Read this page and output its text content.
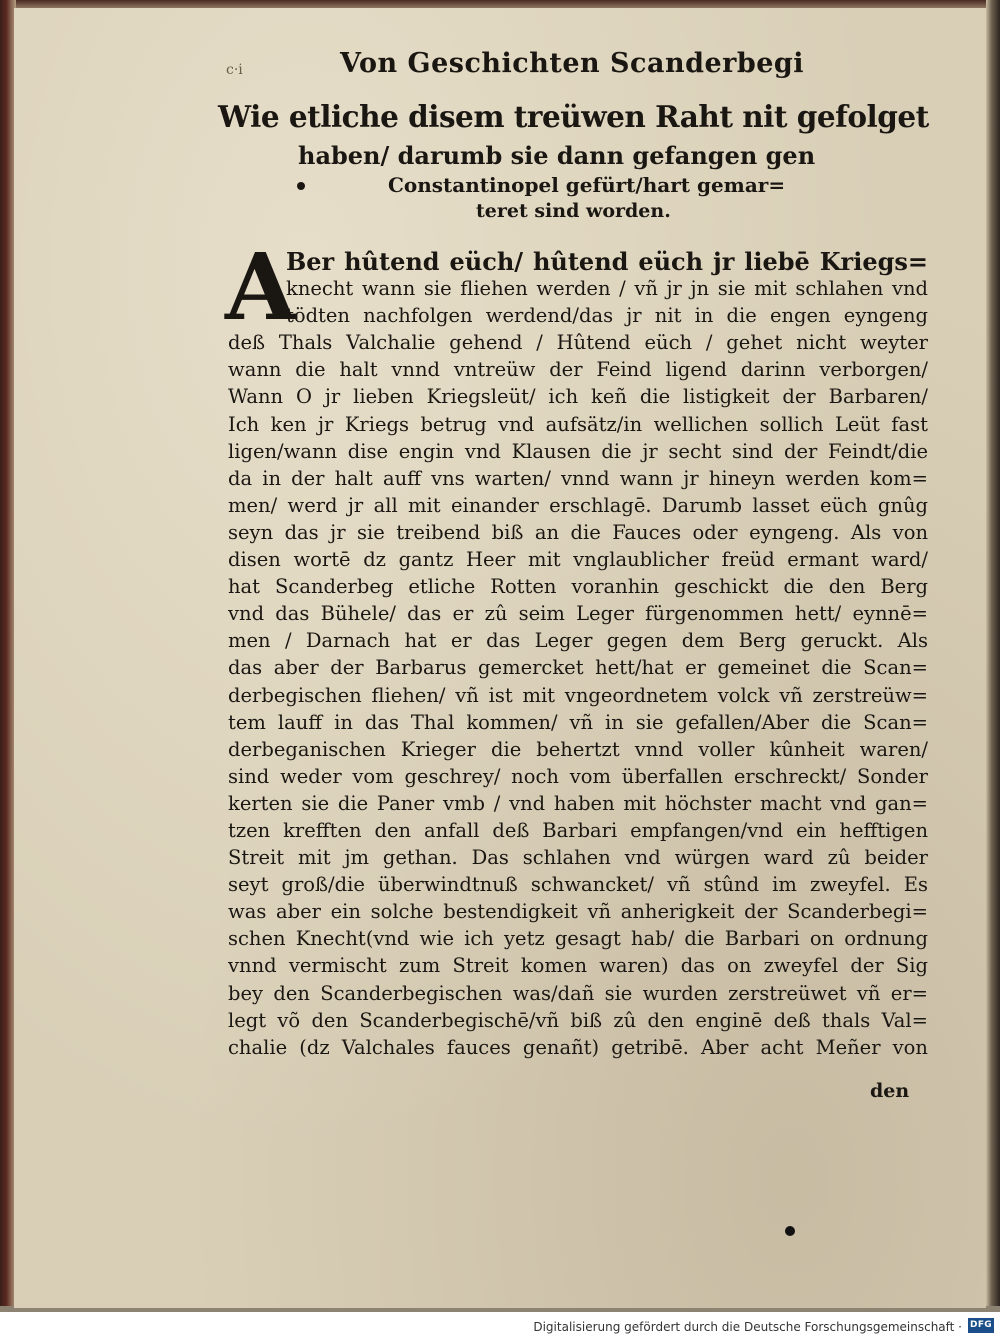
c·i	Von Geschichten Scanderbegi
Wie etliche disem treüwen Raht nit gefolget
haben/ darumb sie dann gefangen gen
Constantinopel gefürt/hart gemar=
teret sind worden.
A
Ber hûtend eüch/ hûtend eüch jr liebē Kriegs=
knecht wann sie fliehen werden / vñ jr jn sie mit schlahen vnd
tödten nachfolgen werdend/das jr nit in die engen eyngeng
deß Thals Valchalie gehend / Hûtend eüch / gehet nicht weyter
wann die halt vnnd vntreüw der Feind ligend darinn verborgen/
Wann O jr lieben Kriegsleüt/ ich keñ die listigkeit der Barbaren/
Ich ken jr Kriegs betrug vnd aufsätz/in wellichen sollich Leüt fast
ligen/wann dise engin vnd Klausen die jr secht sind der Feindt/die
da in der halt auff vns warten/ vnnd wann jr hineyn werden kom=
men/ werd jr all mit einander erschlagē. Darumb lasset eüch gnûg
seyn das jr sie treibend biß an die Fauces oder eyngeng. Als von
disen wortē dz gantz Heer mit vnglaublicher freüd ermant ward/
hat Scanderbeg etliche Rotten voranhin geschickt die den Berg
vnd das Bühele/ das er zû seim Leger fürgenommen hett/ eynnē=
men / Darnach hat er das Leger gegen dem Berg geruckt. Als
das aber der Barbarus gemercket hett/hat er gemeinet die Scan=
derbegischen fliehen/ vñ ist mit vngeordnetem volck vñ zerstreüw=
tem lauff in das Thal kommen/ vñ in sie gefallen/Aber die Scan=
derbeganischen Krieger die behertzt vnnd voller kûnheit waren/
sind weder vom geschrey/ noch vom überfallen erschreckt/ Sonder
kerten sie die Paner vmb / vnd haben mit höchster macht vnd gan=
tzen krefften den anfall deß Barbari empfangen/vnd ein hefftigen
Streit mit jm gethan. Das schlahen vnd würgen ward zû beider
seyt groß/die überwindtnuß schwancket/ vñ stûnd im zweyfel. Es
was aber ein solche bestendigkeit vñ anherigkeit der Scanderbegi=
schen Knecht(vnd wie ich yetz gesagt hab/ die Barbari on ordnung
vnnd vermischt zum Streit komen waren) das on zweyfel der Sig
bey den Scanderbegischen was/dañ sie wurden zerstreüwet vñ er=
legt võ den Scanderbegischē/vñ biß zû den enginē deß thals Val=
chalie (dz Valchales fauces genañt) getribē. Aber acht Meñer von
den
Digitalisierung gefördert durch die Deutsche Forschungsgemeinschaft · DFG
